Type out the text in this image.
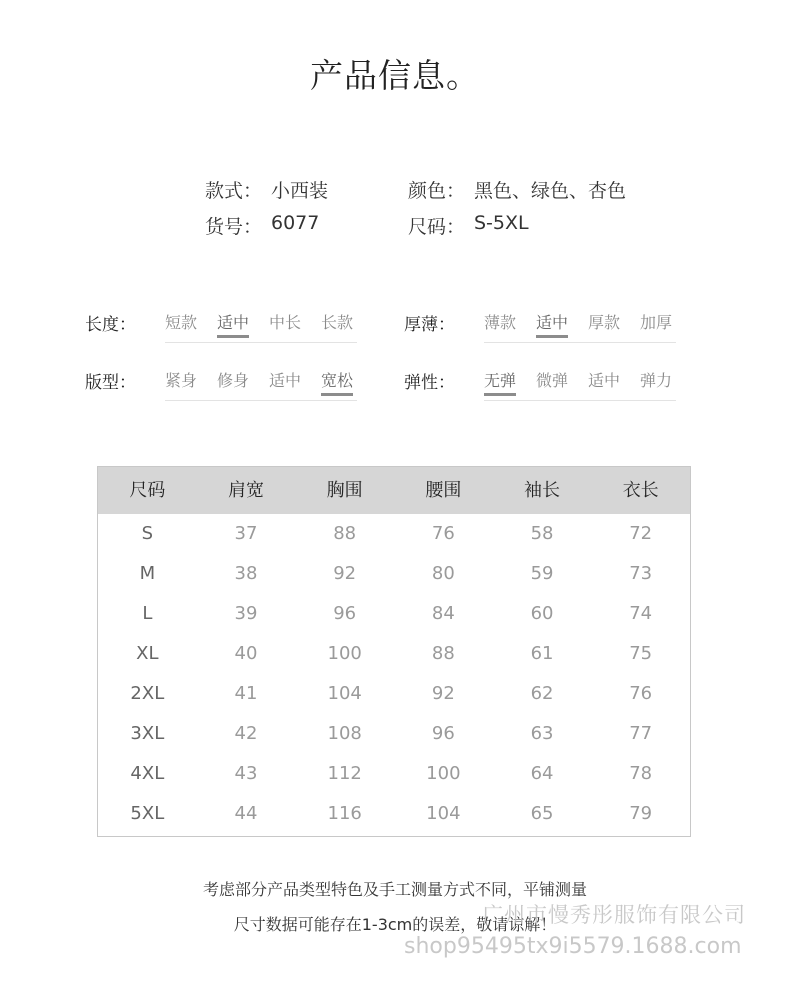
产品信息。
款式： 小西装	颜色： 黑色、绿色、杏色
货号： 6077	尺码： S-5XL
长度： 短款 适中 中长 长款	厚薄： 薄款 适中 厚款 加厚
版型： 紧身 修身 适中 宽松	弹性： 无弹 微弹 适中 弹力
尺码	肩宽	胸围	腰围	袖长	衣长
S	37	88	76	58	72
M	38	92	80	59	73
L	39	96	84	60	74
XL	40	100	88	61	75
2XL	41	104	92	62	76
3XL	42	108	96	63	77
4XL	43	112	100	64	78
5XL	44	116	104	65	79
考虑部分产品类型特色及手工测量方式不同，平铺测量
尺寸数据可能存在1-3cm的误差，敬请谅解！
广州市慢秀彤服饰有限公司
shop95495tx9i5579.1688.com
